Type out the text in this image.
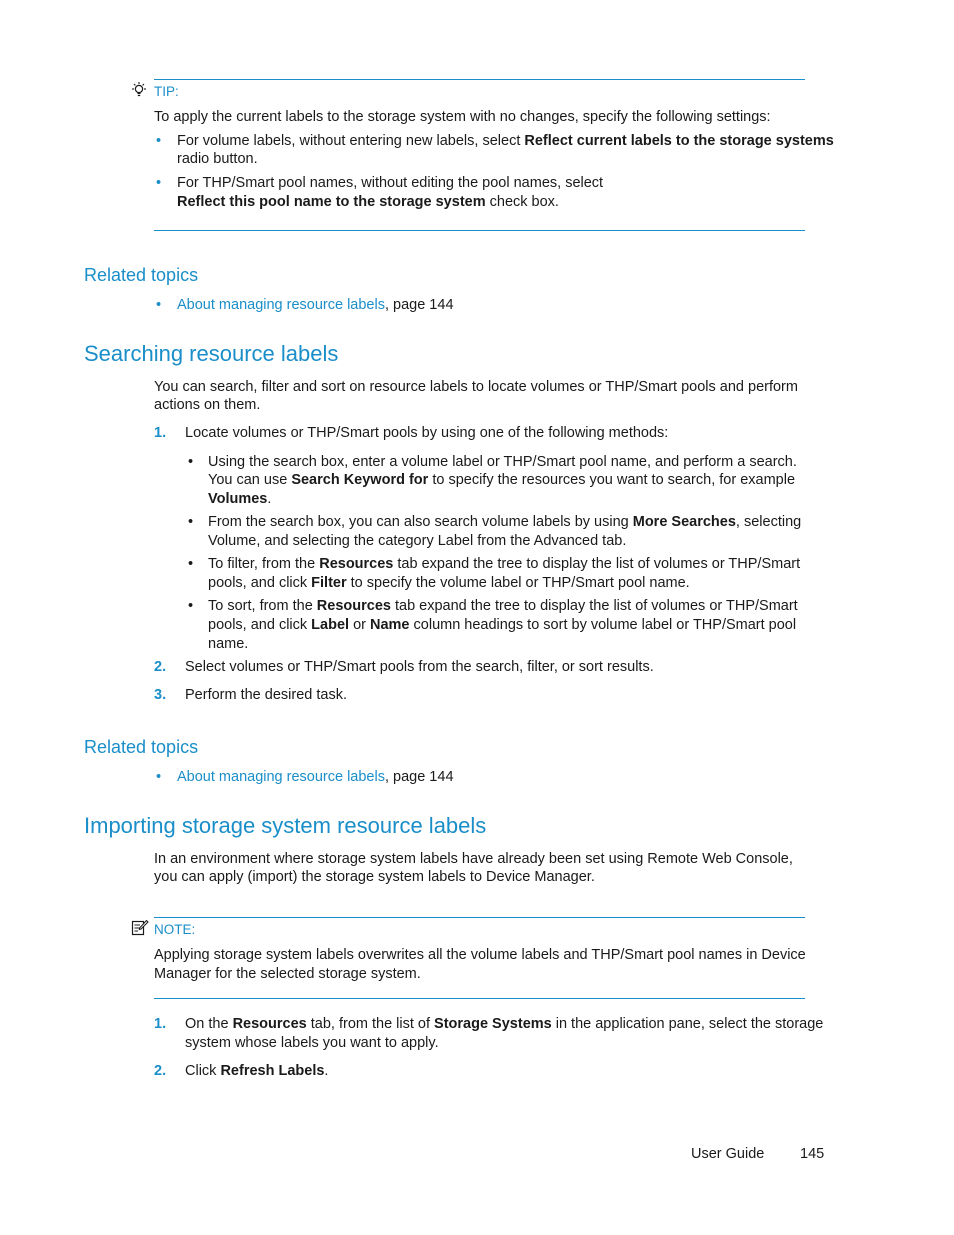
TIP:
To apply the current labels to the storage system with no changes, specify the following settings:
• For volume labels, without entering new labels, select Reflect current labels to the storage systems
radio button.
• For THP/Smart pool names, without editing the pool names, select
Reflect this pool name to the storage system check box.
Related topics
• About managing resource labels, page 144
Searching resource labels
You can search, filter and sort on resource labels to locate volumes or THP/Smart pools and perform
actions on them.
1. Locate volumes or THP/Smart pools by using one of the following methods:
• Using the search box, enter a volume label or THP/Smart pool name, and perform a search.
You can use Search Keyword for to specify the resources you want to search, for example
Volumes.
• From the search box, you can also search volume labels by using More Searches, selecting
Volume, and selecting the category Label from the Advanced tab.
• To filter, from the Resources tab expand the tree to display the list of volumes or THP/Smart
pools, and click Filter to specify the volume label or THP/Smart pool name.
• To sort, from the Resources tab expand the tree to display the list of volumes or THP/Smart
pools, and click Label or Name column headings to sort by volume label or THP/Smart pool
name.
2. Select volumes or THP/Smart pools from the search, filter, or sort results.
3. Perform the desired task.
Related topics
• About managing resource labels, page 144
Importing storage system resource labels
In an environment where storage system labels have already been set using Remote Web Console,
you can apply (import) the storage system labels to Device Manager.
NOTE:
Applying storage system labels overwrites all the volume labels and THP/Smart pool names in Device
Manager for the selected storage system.
1. On the Resources tab, from the list of Storage Systems in the application pane, select the storage
system whose labels you want to apply.
2. Click Refresh Labels.
User Guide 145
